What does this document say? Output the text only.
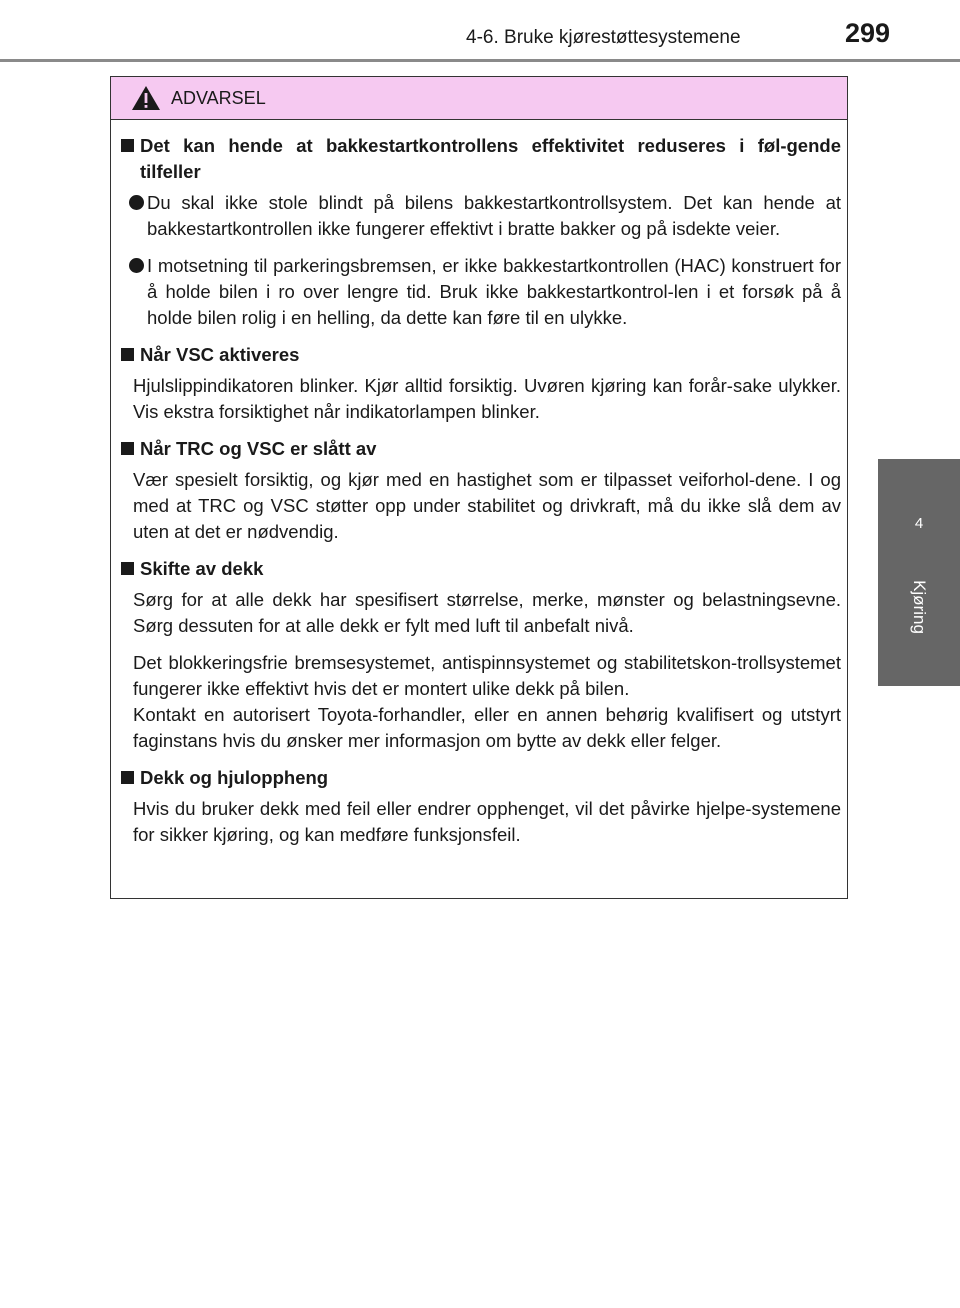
4-6. Bruke kjørestøttesystemene	299
4
Kjøring
ADVARSEL
Det kan hende at bakkestartkontrollens effektivitet reduseres i føl-gende tilfeller
Du skal ikke stole blindt på bilens bakkestartkontrollsystem. Det kan hende at bakkestartkontrollen ikke fungerer effektivt i bratte bakker og på isdekte veier.
I motsetning til parkeringsbremsen, er ikke bakkestartkontrollen (HAC) konstruert for å holde bilen i ro over lengre tid. Bruk ikke bakkestartkontrol-len i et forsøk på å holde bilen rolig i en helling, da dette kan føre til en ulykke.
Når VSC aktiveres
Hjulslippindikatoren blinker. Kjør alltid forsiktig. Uvøren kjøring kan forår-sake ulykker. Vis ekstra forsiktighet når indikatorlampen blinker.
Når TRC og VSC er slått av
Vær spesielt forsiktig, og kjør med en hastighet som er tilpasset veiforhol-dene. I og med at TRC og VSC støtter opp under stabilitet og drivkraft, må du ikke slå dem av uten at det er nødvendig.
Skifte av dekk
Sørg for at alle dekk har spesifisert størrelse, merke, mønster og belastningsevne. Sørg dessuten for at alle dekk er fylt med luft til anbefalt nivå.
Det blokkeringsfrie bremsesystemet, antispinnsystemet og stabilitetskon-trollsystemet fungerer ikke effektivt hvis det er montert ulike dekk på bilen.
Kontakt en autorisert Toyota-forhandler, eller en annen behørig kvalifisert og utstyrt faginstans hvis du ønsker mer informasjon om bytte av dekk eller felger.
Dekk og hjuloppheng
Hvis du bruker dekk med feil eller endrer opphenget, vil det påvirke hjelpe-systemene for sikker kjøring, og kan medføre funksjonsfeil.
